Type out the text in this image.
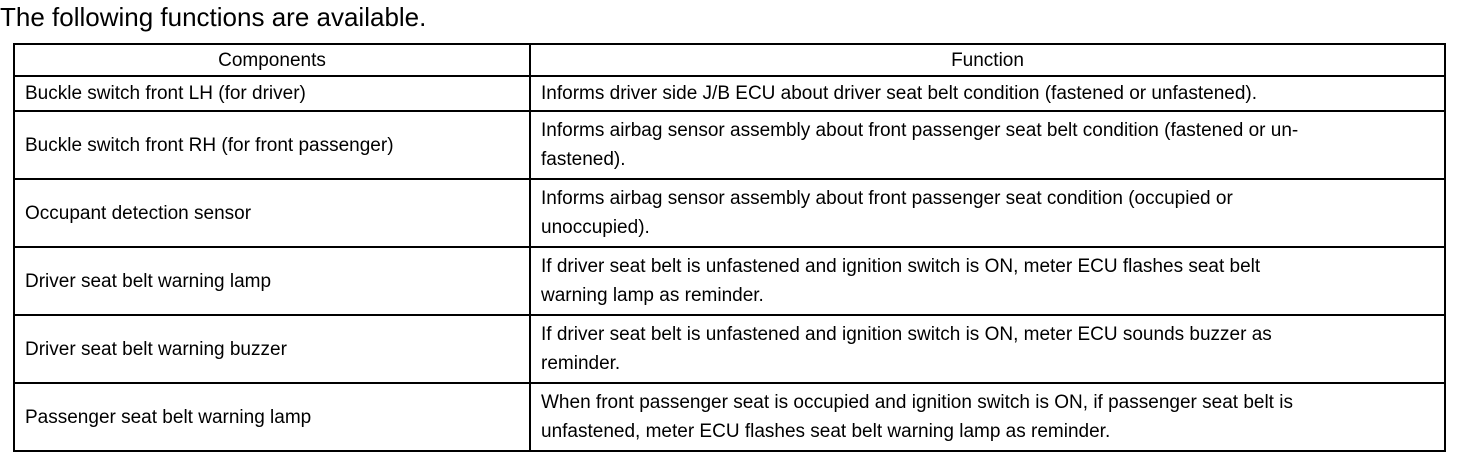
The following functions are available.
Components	Function
Buckle switch front LH (for driver)	Informs driver side J/B ECU about driver seat belt condition (fastened or unfastened).
Buckle switch front RH (for front passenger)	Informs airbag sensor assembly about front passenger seat belt condition (fastened or un-
fastened).
Occupant detection sensor	Informs airbag sensor assembly about front passenger seat condition (occupied or
unoccupied).
Driver seat belt warning lamp	If driver seat belt is unfastened and ignition switch is ON, meter ECU flashes seat belt
warning lamp as reminder.
Driver seat belt warning buzzer	If driver seat belt is unfastened and ignition switch is ON, meter ECU sounds buzzer as
reminder.
Passenger seat belt warning lamp	When front passenger seat is occupied and ignition switch is ON, if passenger seat belt is
unfastened, meter ECU flashes seat belt warning lamp as reminder.
